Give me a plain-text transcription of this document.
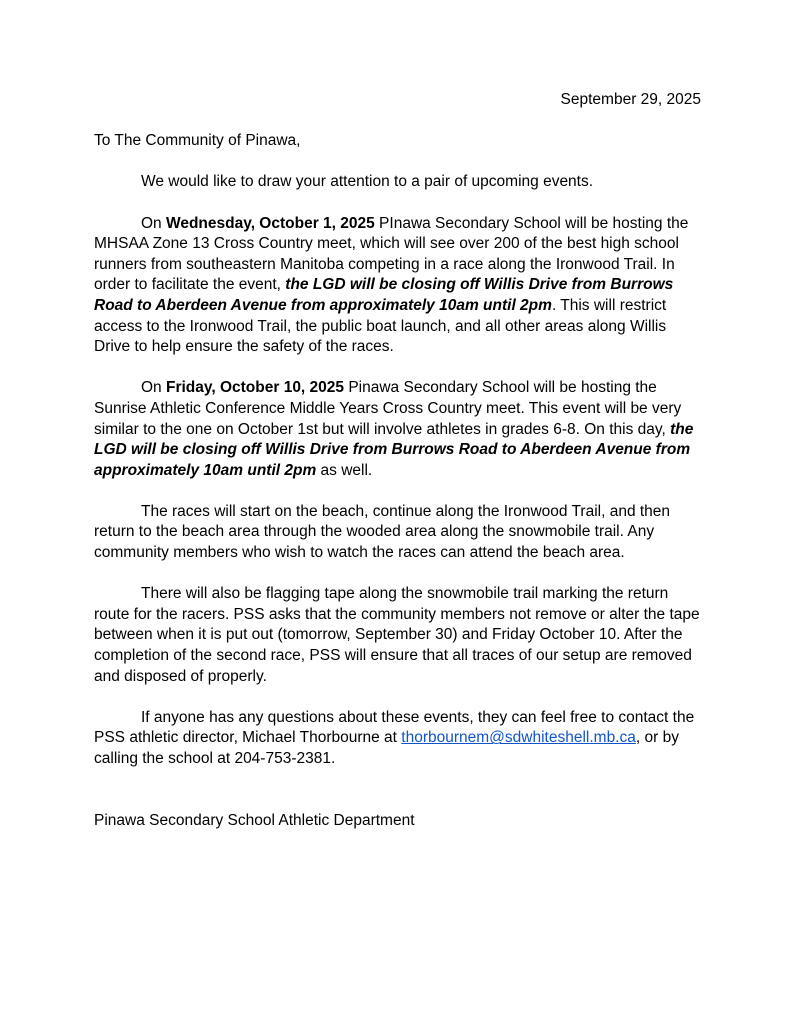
September 29, 2025
To The Community of Pinawa,

We would like to draw your attention to a pair of upcoming events.

On Wednesday, October 1, 2025 PInawa Secondary School will be hosting the MHSAA Zone 13 Cross Country meet, which will see over 200 of the best high school runners from southeastern Manitoba competing in a race along the Ironwood Trail. In order to facilitate the event, the LGD will be closing off Willis Drive from Burrows Road to Aberdeen Avenue from approximately 10am until 2pm. This will restrict access to the Ironwood Trail, the public boat launch, and all other areas along Willis Drive to help ensure the safety of the races.

On Friday, October 10, 2025 Pinawa Secondary School will be hosting the Sunrise Athletic Conference Middle Years Cross Country meet. This event will be very similar to the one on October 1st but will involve athletes in grades 6-8. On this day, the LGD will be closing off Willis Drive from Burrows Road to Aberdeen Avenue from approximately 10am until 2pm as well.

The races will start on the beach, continue along the Ironwood Trail, and then return to the beach area through the wooded area along the snowmobile trail. Any community members who wish to watch the races can attend the beach area.

There will also be flagging tape along the snowmobile trail marking the return route for the racers. PSS asks that the community members not remove or alter the tape between when it is put out (tomorrow, September 30) and Friday October 10. After the completion of the second race, PSS will ensure that all traces of our setup are removed and disposed of properly.

If anyone has any questions about these events, they can feel free to contact the PSS athletic director, Michael Thorbourne at thorbournem@sdwhiteshell.mb.ca, or by calling the school at 204-753-2381.

Pinawa Secondary School Athletic Department
